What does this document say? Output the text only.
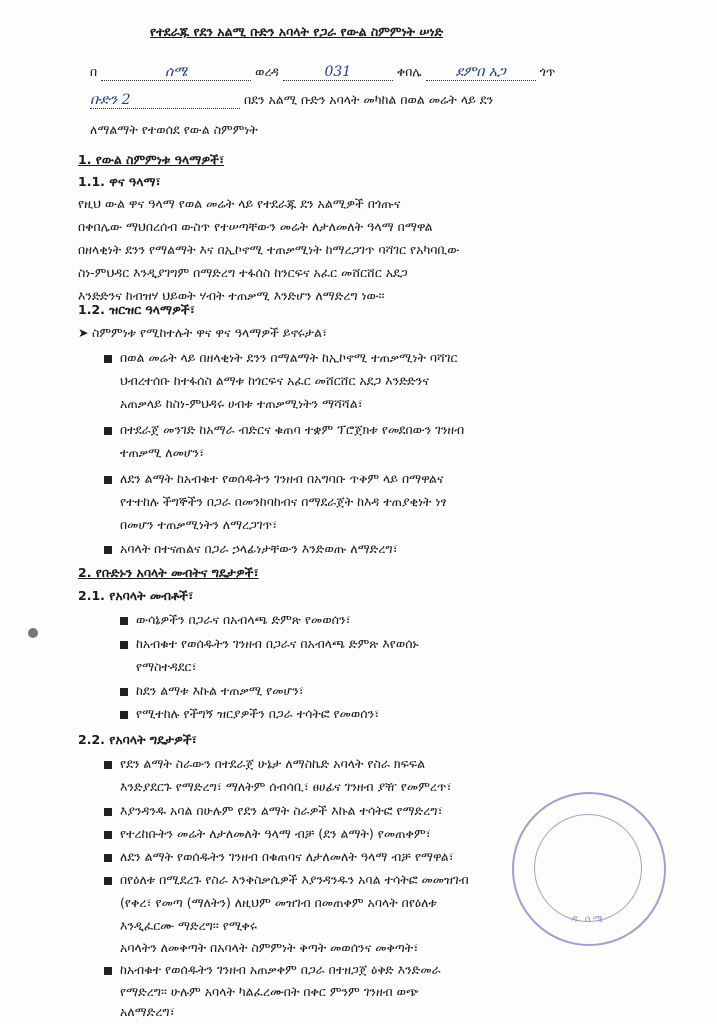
የተደራጁ የደን አልሚ ቡድን አባላት የጋራ የውል ስምምነት ሠነድ
በ	ሰሜ	ወረዳ	031	ቀበሌ ደምበ አጋ	ጎጥ
ቡድን 2	በደን አልሚ ቡድን አባላት መካከል በወል መሬት ላይ ደን
ለማልማት የተወሰደ የውል ስምምነት
1. የውል ስምምነቱ ዓላማዎች፣
1.1. ዋና ዓላማ፣
የዚህ ውል ዋና ዓላማ የወል መሬት ላይ የተደራጁ ደን አልሚዎች በጎጡና
በቀበሌው ማህበረሰብ ውስጥ የተሠጣቸውን መሬት ለታለመለት ዓላማ በማዋል
በዘላቂነት ደንን የማልማት እና በኢኮኖሚ ተጠቃሚነት ከማረጋገጥ ባሻገር የአካባቢው
ስነ-ምህዳር እንዲያገግም በማድረግ ተፋሰስ ከንርፍና አፈር መሸርሸር አደጋ
እንድድንና ከብዝሃ ህይወት ሃብት ተጠቃሚ እንድሆን ለማድረግ ነው፡፡
1.2. ዝርዝር ዓላማዎች፣
➤ ስምምነቱ የሚከተሉት ዋና ዋና ዓላማዎች ይኖሩታል፣
በወል መሬት ላይ በዘላቂነት ደንን በማልማት ከኢኮኖሚ ተጠቃሚነት ባሻገር
ህብረተሰቡ ከተፋሰስ ልማቱ ከጎርፍና አፈር መሸርሸር አደጋ እንድድንና
አጠቃላይ ከስነ-ምህዳሩ ሀብቱ ተጠቃሚነትን ማሻሻል፣
በተደራጀ መንገድ ከአማራ ብድርና ቁጠባ ተቋም ፕሮጀክቱ የመደበውን ገንዘብ
ተጠቃሚ ለመሆን፣
ለደን ልማት ከአብቁተ የወሰዱትን ገንዘብ በአግባቡ ጥቅም ላይ በማዋልና
የተተከሉ ችግኞችን በጋራ በመንከባከብና በማደራጀት ከእዳ ተጠያቂነት ነፃ
በመሆን ተጠቃሚነትን ለማረጋገጥ፣
አባላት በተናጠልና በጋራ ኃላፊነታቸውን እንድወጡ ለማድረግ፣
2. የቡድኑን አባላት መብትና ግዴታዎች፣
2.1. የአባላት መብቶች፣
ውሳኔዎችን በጋራና በአብላጫ ድምጽ የመወሰን፣
ከአብቁተ የወሰዱትን ገንዘብ በጋራና በአብላጫ ድምጽ እየወሰኑ
የማስተዳደር፣
ከደን ልማቱ እኩል ተጠቃሚ የመሆን፣
የሚተከሉ የችግኝ ዝርያዎችን በጋራ ተሳትፎ የመወሰን፣
2.2. የአባላት ግዴታዎች፣
የደን ልማት ስራውን በተደራጀ ሁኔታ ለማስኬድ አባላት የስራ ክፍፍል
እንድያደርጉ የማድረግ፣ ማለትም ሰብሳቢ፣ ፀሀፊና ገንዘብ ያዥ የመምረጥ፣
እያንዳንዱ አባል በሁሉም የደን ልማት ስራዎች እኩል ተሳትፎ የማድረግ፣
የተረከቡትን መሬት ለታለመለት ዓላማ ብቻ (ደን ልማት) የመጠቀም፣
ለደን ልማት የወሰዱትን ገንዘብ በቁጠባና ለታለመለት ዓላማ ብቻ የማዋል፣
በየዕለቱ በሚደረጉ የስራ እንቅስቃሴዎች እያንዳንዱን አባል ተሳትፎ መመዝገብ
(የቀረ፣ የመጣ (ማለትን) ለዚህም መዝገብ በመጠቀም አባላት በየዕለቱ
እንዲፈርሙ ማድረግ፡፡ የሚቀሩ
አባላትን ለመቅጣት በአባላት ስምምነት ቅጣት መወሰንና መቅጣት፣
ከአብቁተ የወሰዱትን ገንዘብ አጠቃቀም በጋራ በተዘጋጀ ዕቅድ እንድመራ
የማድረግ፡፡ ሁሉም አባላት ካልፈረሙበት በቀር ምንም ገንዘብ ወጭ
አለማድረግ፣
ዳ ሰሜ
